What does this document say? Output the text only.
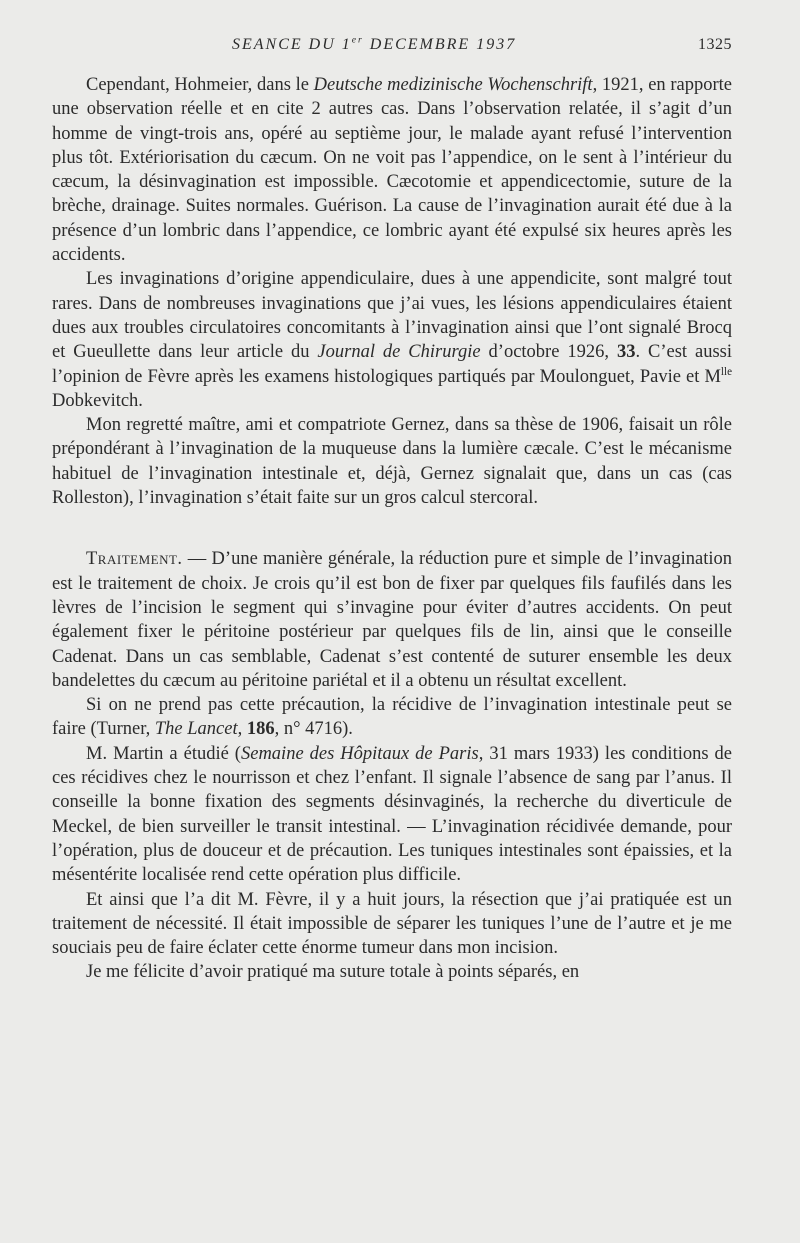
SEANCE DU 1er DECEMBRE 1937	1325

Cependant, Hohmeier, dans le Deutsche medizinische Wochenschrift, 1921, en rapporte une observation réelle et en cite 2 autres cas. Dans l’observation relatée, il s’agit d’un homme de vingt-trois ans, opéré au septième jour, le malade ayant refusé l’intervention plus tôt. Extériorisation du cæcum. On ne voit pas l’appendice, on le sent à l’intérieur du cæcum, la désinvagination est impossible. Cæcotomie et appendicectomie, suture de la brèche, drainage. Suites normales. Guérison. La cause de l’invagination aurait été due à la présence d’un lombric dans l’appendice, ce lombric ayant été expulsé six heures après les accidents.

Les invaginations d’origine appendiculaire, dues à une appendicite, sont malgré tout rares. Dans de nombreuses invaginations que j’ai vues, les lésions appendiculaires étaient dues aux troubles circulatoires concomitants à l’invagination ainsi que l’ont signalé Brocq et Gueullette dans leur article du Journal de Chirurgie d’octobre 1926, 33. C’est aussi l’opinion de Fèvre après les examens histologiques partiqués par Moulonguet, Pavie et $M^{lle}$ Dobkevitch.

Mon regretté maître, ami et compatriote Gernez, dans sa thèse de 1906, faisait un rôle prépondérant à l’invagination de la muqueuse dans la lumière cæcale. C’est le mécanisme habituel de l’invagination intestinale et, déjà, Gernez signalait que, dans un cas (cas Rolleston), l’invagination s’était faite sur un gros calcul stercoral.

Traitement. — D’une manière générale, la réduction pure et simple de l’invagination est le traitement de choix. Je crois qu’il est bon de fixer par quelques fils faufilés dans les lèvres de l’incision le segment qui s’invagine pour éviter d’autres accidents. On peut également fixer le péritoine postérieur par quelques fils de lin, ainsi que le conseille Cadenat. Dans un cas semblable, Cadenat s’est contenté de suturer ensemble les deux bandelettes du cæcum au péritoine pariétal et il a obtenu un résultat excellent.

Si on ne prend pas cette précaution, la récidive de l’invagination intestinale peut se faire (Turner, The Lancet, 186, n° 4716).

M. Martin a étudié (Semaine des Hôpitaux de Paris, 31 mars 1933) les conditions de ces récidives chez le nourrisson et chez l’enfant. Il signale l’absence de sang par l’anus. Il conseille la bonne fixation des segments désinvaginés, la recherche du diverticule de Meckel, de bien surveiller le transit intestinal. — L’invagination récidivée demande, pour l’opération, plus de douceur et de précaution. Les tuniques intestinales sont épaissies, et la mésentérite localisée rend cette opération plus difficile.

Et ainsi que l’a dit M. Fèvre, il y a huit jours, la résection que j’ai pratiquée est un traitement de nécessité. Il était impossible de séparer les tuniques l’une de l’autre et je me souciais peu de faire éclater cette énorme tumeur dans mon incision.

Je me félicite d’avoir pratiqué ma suture totale à points séparés, en
